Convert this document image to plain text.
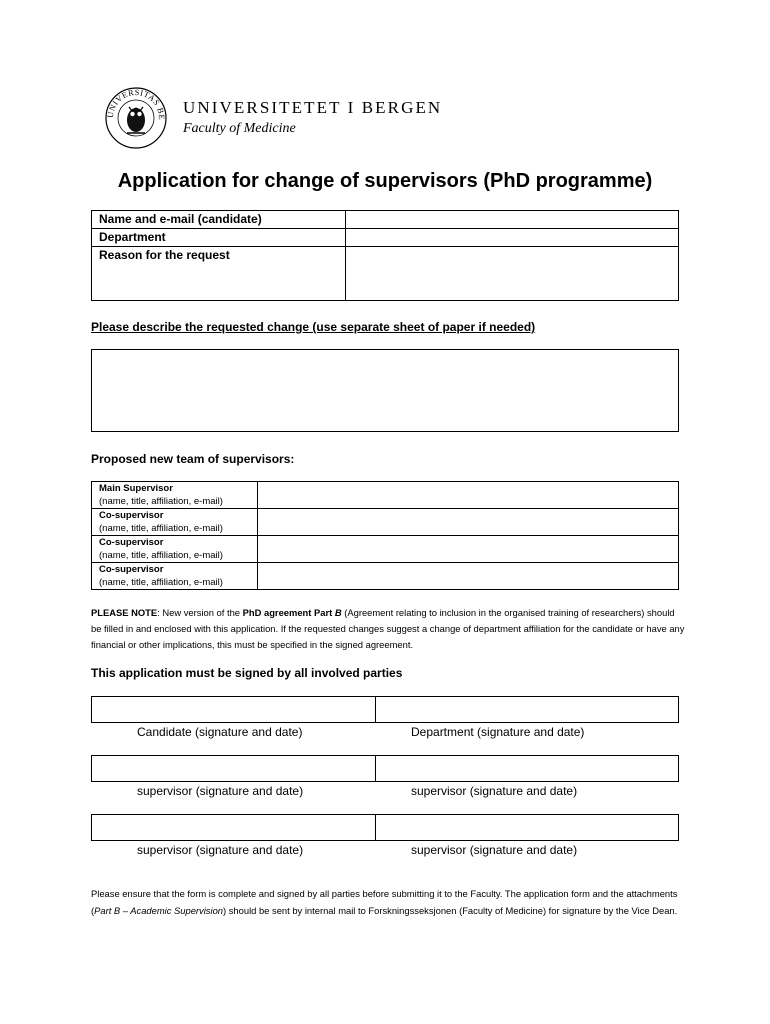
UNIVERSITAS BE
UNIVERSITETET I BERGEN
Faculty of Medicine
Application for change of supervisors (PhD programme)
Name and e-mail (candidate)	
Department	
Reason for the request	
Please describe the requested change (use separate sheet of paper if needed)
Proposed new team of supervisors:
Main Supervisor
(name, title, affiliation, e-mail)	

Co-supervisor
(name, title, affiliation, e-mail)	

Co-supervisor
(name, title, affiliation, e-mail)	

Co-supervisor
(name, title, affiliation, e-mail)	

PLEASE NOTE: New version of the PhD agreement Part B (Agreement relating to inclusion in the organised training of researchers) should be filled in and enclosed with this application. If the requested changes suggest a change of department affiliation for the candidate or have any financial or other implications, this must be specified in the signed agreement.
This application must be signed by all involved parties
Candidate (signature and date)	Department (signature and date)
supervisor (signature and date)	supervisor (signature and date)
supervisor (signature and date)	supervisor (signature and date)
Please ensure that the form is complete and signed by all parties before submitting it to the Faculty. The application form and the attachments (Part B – Academic Supervision) should be sent by internal mail to Forskningsseksjonen (Faculty of Medicine) for signature by the Vice Dean.
